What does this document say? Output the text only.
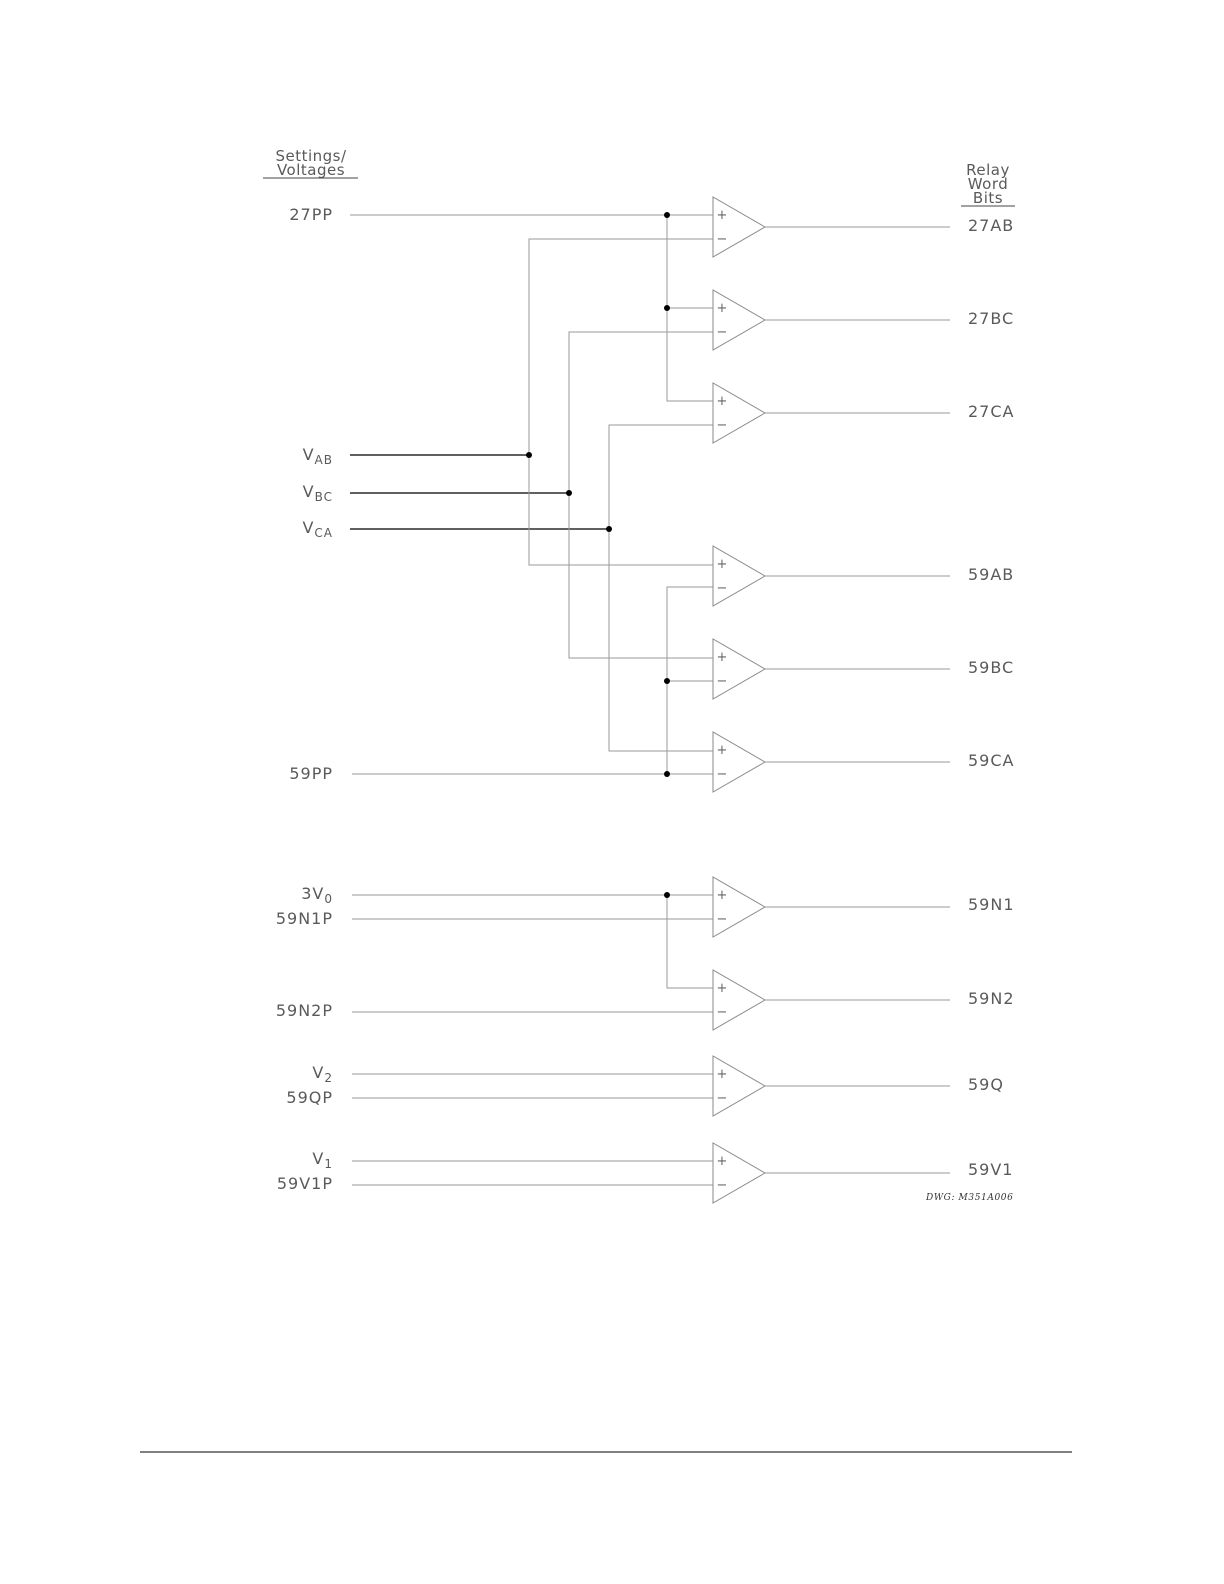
Settings/
Voltages	Relay
Word
Bits
27PP
$V_{AB}$
$V_{BC}$
$V_{CA}$
59PP
$3V_0$
59N1P
59N2P
$V_2$
59QP
$V_1$
59V1P
+
−
+
−
+
−
+
−
+
−
+
−
+
−
+
−
+
−
+
−
27AB
27BC
27CA
59AB
59BC
59CA
59N1
59N2
59Q
59V1
DWG: M351A006
